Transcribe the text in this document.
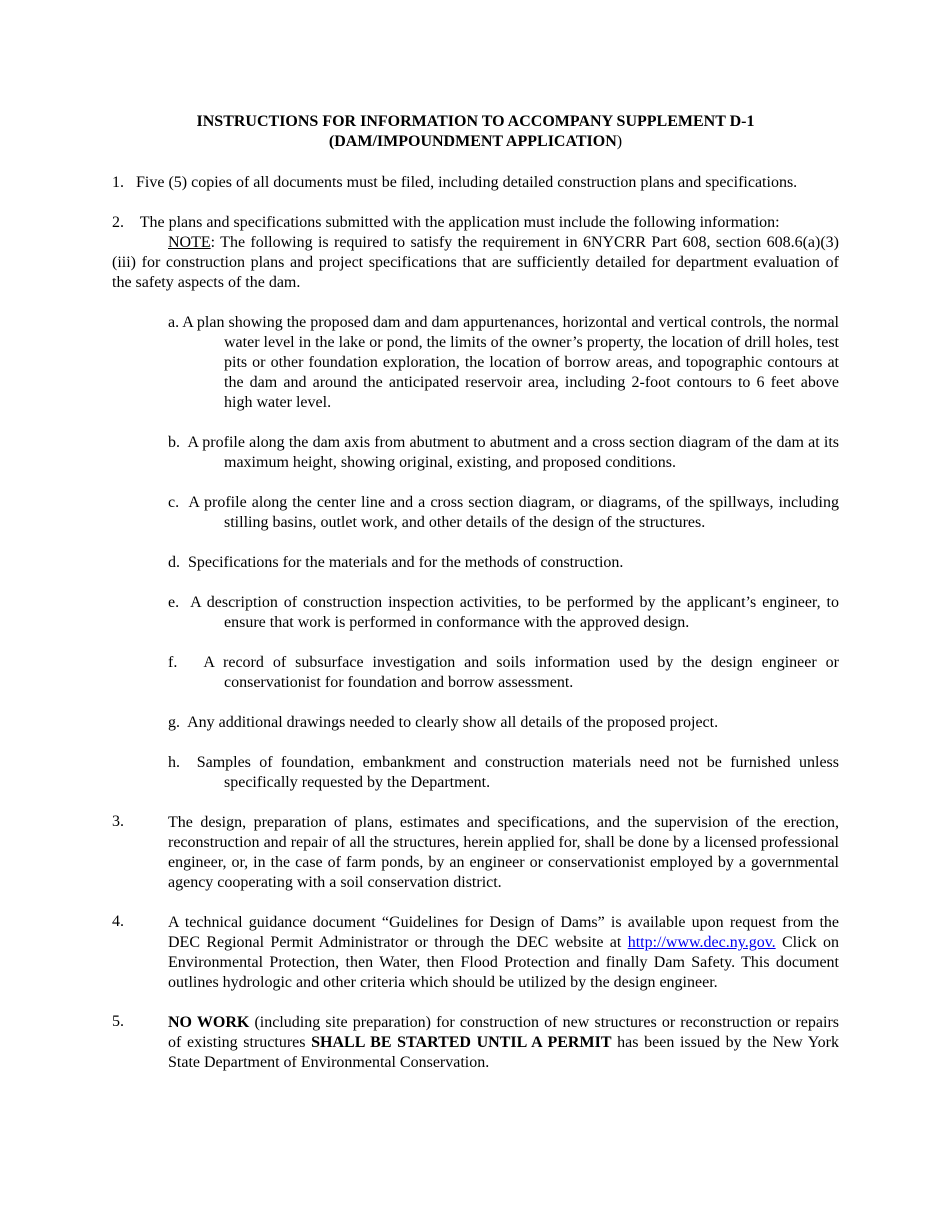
INSTRUCTIONS FOR INFORMATION TO ACCOMPANY SUPPLEMENT D-1
(DAM/IMPOUNDMENT APPLICATION)

1. Five (5) copies of all documents must be filed, including detailed construction plans and specifications.

2. The plans and specifications submitted with the application must include the following information:

NOTE: The following is required to satisfy the requirement in 6NYCRR Part 608, section 608.6(a)(3)(iii) for construction plans and project specifications that are sufficiently detailed for department evaluation of the safety aspects of the dam.

a. A plan showing the proposed dam and dam appurtenances, horizontal and vertical controls, the normal water level in the lake or pond, the limits of the owner’s property, the location of drill holes, test pits or other foundation exploration, the location of borrow areas, and topographic contours at the dam and around the anticipated reservoir area, including 2-foot contours to 6 feet above high water level.

b. A profile along the dam axis from abutment to abutment and a cross section diagram of the dam at its maximum height, showing original, existing, and proposed conditions.

c. A profile along the center line and a cross section diagram, or diagrams, of the spillways, including stilling basins, outlet work, and other details of the design of the structures.

d. Specifications for the materials and for the methods of construction.

e. A description of construction inspection activities, to be performed by the applicant’s engineer, to ensure that work is performed in conformance with the approved design.

f. A record of subsurface investigation and soils information used by the design engineer or conservationist for foundation and borrow assessment.

g. Any additional drawings needed to clearly show all details of the proposed project.

h. Samples of foundation, embankment and construction materials need not be furnished unless specifically requested by the Department.

3.	The design, preparation of plans, estimates and specifications, and the supervision of the erection, reconstruction and repair of all the structures, herein applied for, shall be done by a licensed professional engineer, or, in the case of farm ponds, by an engineer or conservationist employed by a governmental agency cooperating with a soil conservation district.
4.	A technical guidance document “Guidelines for Design of Dams” is available upon request from the DEC Regional Permit Administrator or through the DEC website at http://www.dec.ny.gov. Click on Environmental Protection, then Water, then Flood Protection and finally Dam Safety. This document outlines hydrologic and other criteria which should be utilized by the design engineer.
5.	NO WORK (including site preparation) for construction of new structures or reconstruction or repairs of existing structures SHALL BE STARTED UNTIL A PERMIT has been issued by the New York State Department of Environmental Conservation.
